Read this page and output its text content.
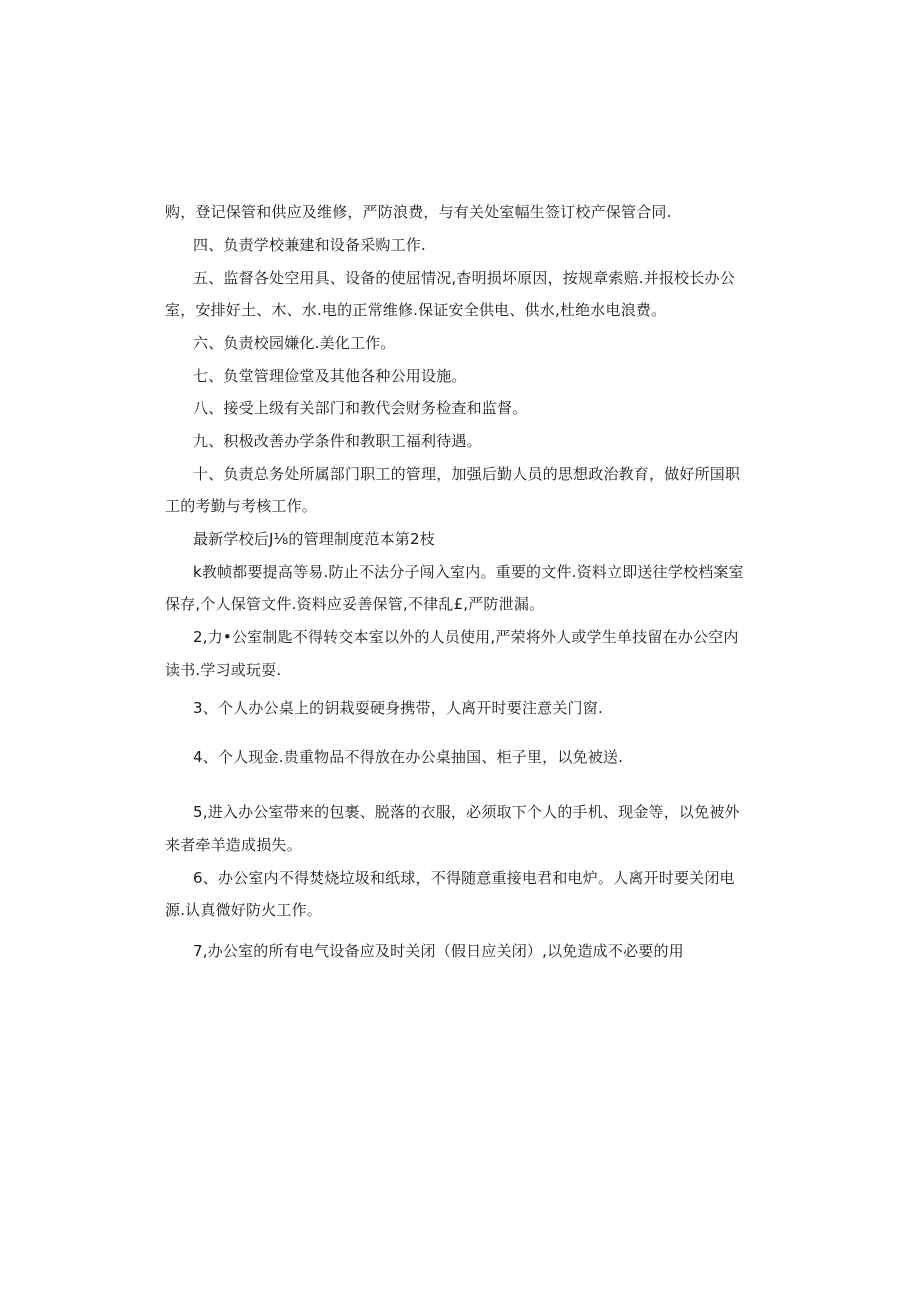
购，登记保管和供应及维修，严防浪费，与有关处室幅生签订校产保管合同.
四、负责学校兼建和设备采购工作.
五、监督各处空用具、设备的使屈情况,杳明损坏原因，按规章索赔.并报校长办公
室，安排好土、木、水.电的正常维修.保证安全供电、供水,杜绝水电浪费。
六、负责校园嫌化.美化工作。
七、负堂管理俭堂及其他各种公用设施。
八、接受上级有关部门和教代会财务检查和监督。
九、积极改善办学条件和教职工福利待遇。
十、负责总务处所属部门职工的管理，加强后勤人员的思想政治教育，做好所国职
工的考勤与考核工作。
最新学校后J⅛的管理制度范本第2枝
k教帧都要提高等易.防止不法分子闯入室内。重要的文件.资料立即送往学校档案室
保存,个人保管文件.资料应妥善保管,不律乱£,严防泄漏。
2,力•公室制匙不得转交本室以外的人员使用,严荣将外人或学生单技留在办公空内
读书.学习或玩耍.
3、个人办公桌上的钥栽耍硬身携带，人离开时要注意关门窗.
4、个人现金.贵重物品不得放在办公桌抽国、柜子里，以免被送.
5,进入办公室带来的包裹、脱落的衣服，必须取下个人的手机、现金等，以免被外
来者牵羊造成损失。
6、办公室内不得焚烧垃圾和纸球，不得随意重接电君和电炉。人离开时要关闭电
源.认真微好防火工作。
7,办公室的所有电气设备应及时关闭（假日应关闭）,以免造成不必要的用
